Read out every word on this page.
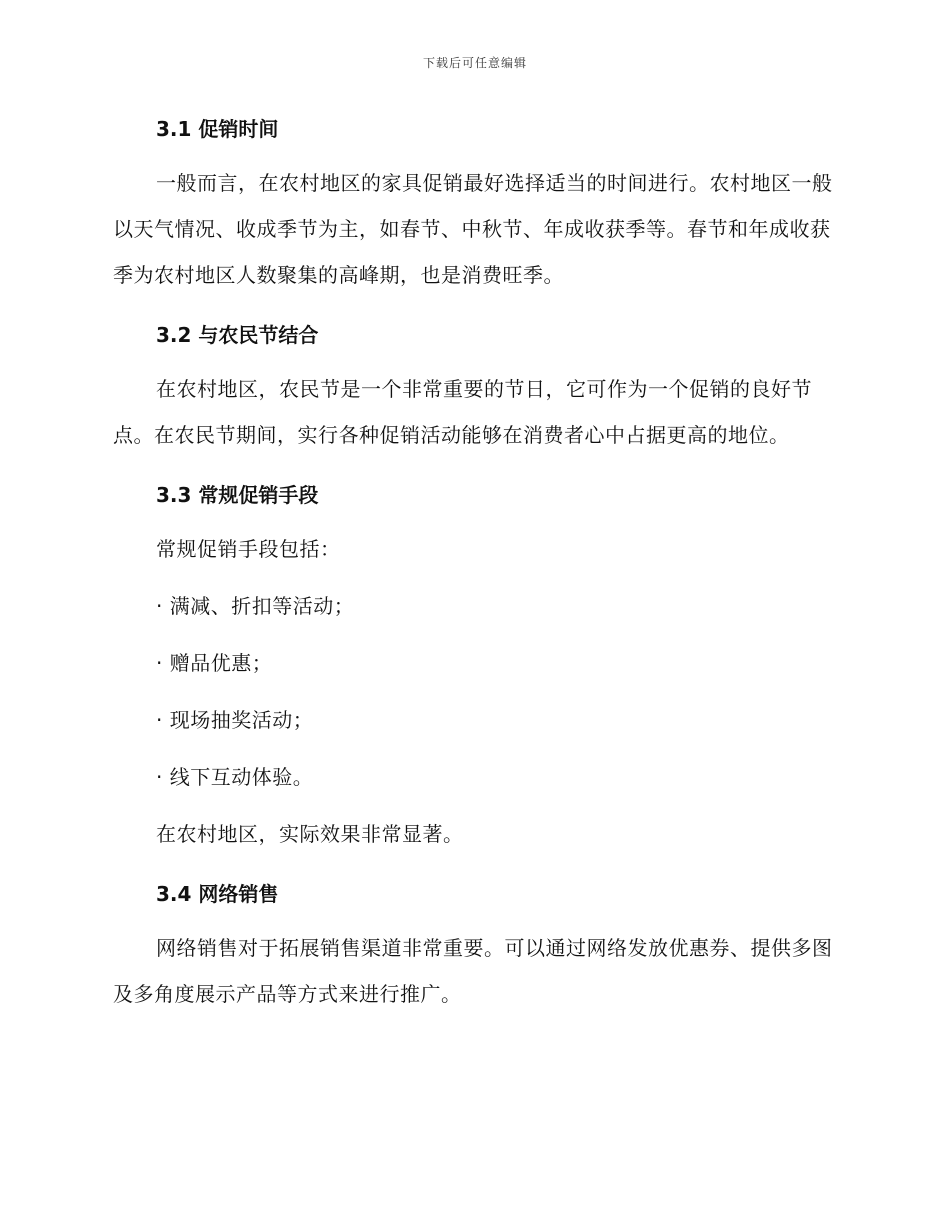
下载后可任意编辑
3.1 促销时间

一般而言，在农村地区的家具促销最好选择适当的时间进行。农村地区一般以天气情况、收成季节为主，如春节、中秋节、年成收获季等。春节和年成收获季为农村地区人数聚集的高峰期，也是消费旺季。

3.2 与农民节结合

在农村地区，农民节是一个非常重要的节日，它可作为一个促销的良好节点。在农民节期间，实行各种促销活动能够在消费者心中占据更高的地位。

3.3 常规促销手段
常规促销手段包括：
· 满减、折扣等活动；
· 赠品优惠；
· 现场抽奖活动；
· 线下互动体验。
在农村地区，实际效果非常显著。
3.4 网络销售

网络销售对于拓展销售渠道非常重要。可以通过网络发放优惠券、提供多图及多角度展示产品等方式来进行推广。
